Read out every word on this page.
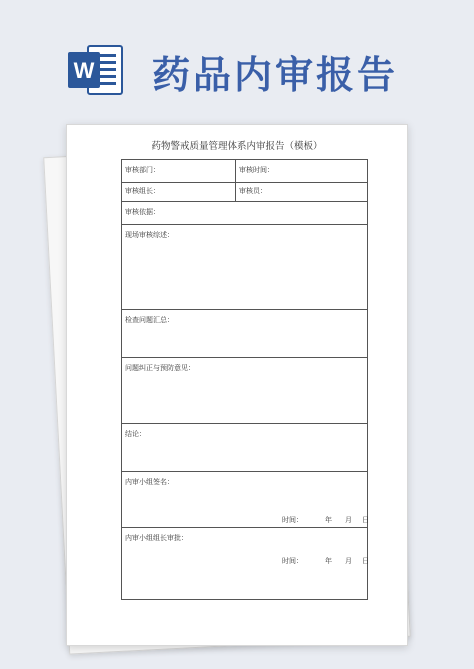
W 药品内审报告
药物警戒质量管理体系内审报告（模板）
审核部门：	审核时间：
审核组长：	审核员：
审核依据：
现场审核综述：
检查问题汇总：
问题纠正与预防意见：
结论：
内审小组签名：
时间：	年 月 日
内审小组组长审批：
时间：	年 月 日
